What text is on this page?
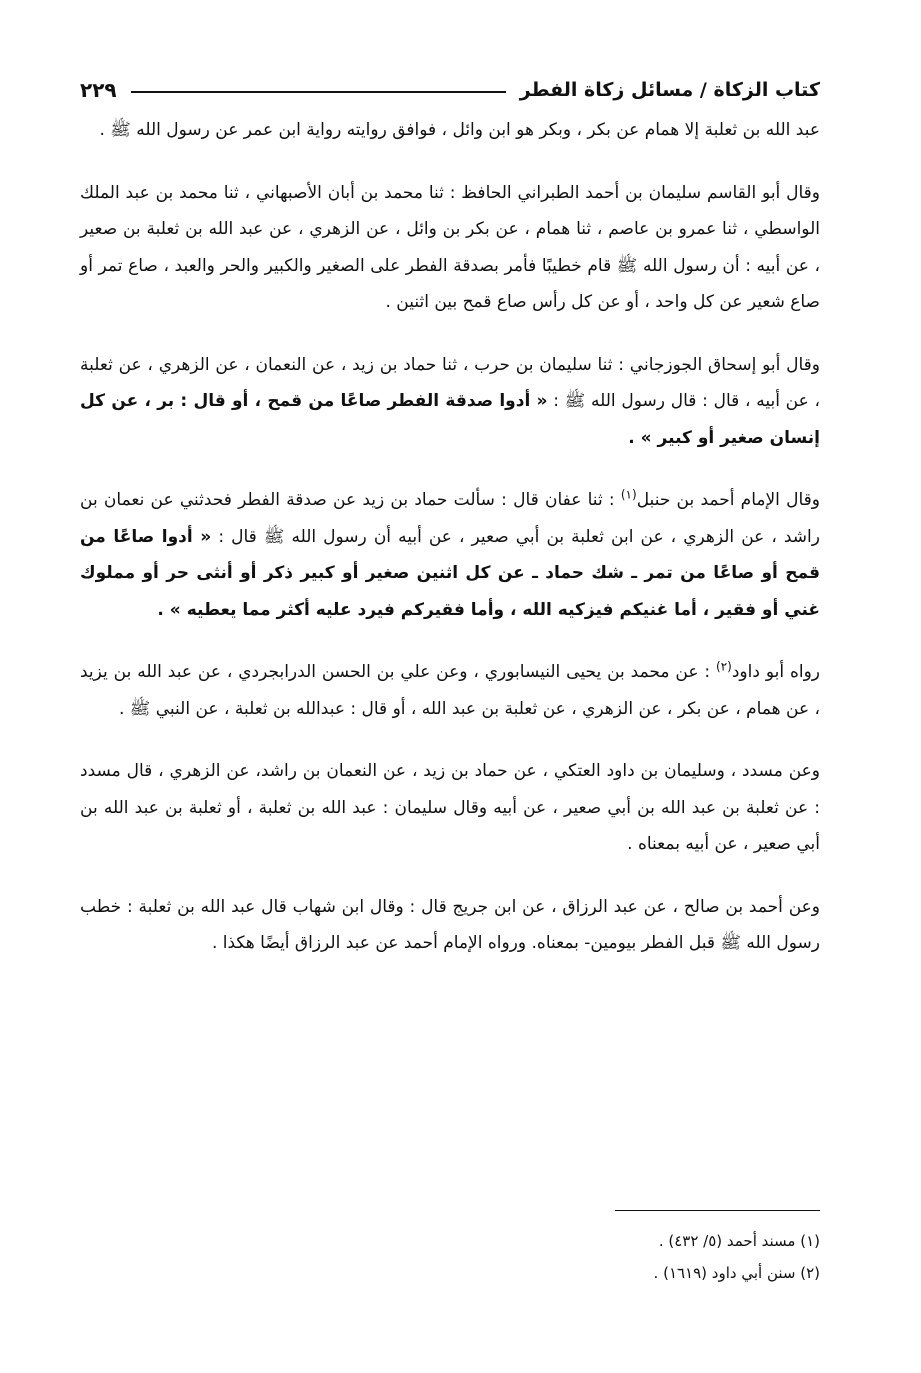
كتاب الزكاة / مسائل زكاة الفطر
٢٢٩

عبد الله بن ثعلبة إلا همام عن بكر ، وبكر هو ابن وائل ، فوافق روايته رواية ابن عمر عن رسول الله ﷺ .

وقال أبو القاسم سليمان بن أحمد الطبراني الحافظ : ثنا محمد بن أبان الأصبهاني ، ثنا محمد بن عبد الملك الواسطي ، ثنا عمرو بن عاصم ، ثنا همام ، عن بكر بن وائل ، عن الزهري ، عن عبد الله بن ثعلبة بن صعير ، عن أبيه : أن رسول الله ﷺ قام خطيبًا فأمر بصدقة الفطر على الصغير والكبير والحر والعبد ، صاع تمر أو صاع شعير عن كل واحد ، أو عن كل رأس صاع قمح بين اثنين .

وقال أبو إسحاق الجوزجاني : ثنا سليمان بن حرب ، ثنا حماد بن زيد ، عن النعمان ، عن الزهري ، عن ثعلبة ، عن أبيه ، قال : قال رسول الله ﷺ : « أدوا صدقة الفطر صاعًا من قمح ، أو قال : بر ، عن كل إنسان صغير أو كبير » .

وقال الإمام أحمد بن حنبل$^{(١)}$ : ثنا عفان قال : سألت حماد بن زيد عن صدقة الفطر فحدثني عن نعمان بن راشد ، عن الزهري ، عن ابن ثعلبة بن أبي صعير ، عن أبيه أن رسول الله ﷺ قال : « أدوا صاعًا من قمح أو صاعًا من تمر ـ شك حماد ـ عن كل اثنين صغير أو كبير ذكر أو أنثى حر أو مملوك غني أو فقير ، أما غنيكم فيزكيه الله ، وأما فقيركم فيرد عليه أكثر مما يعطيه » .

رواه أبو داود$^{(٢)}$ : عن محمد بن يحيى النيسابوري ، وعن علي بن الحسن الدرابجردي ، عن عبد الله بن يزيد ، عن همام ، عن بكر ، عن الزهري ، عن ثعلبة بن عبد الله ، أو قال : عبدالله بن ثعلبة ، عن النبي ﷺ .

وعن مسدد ، وسليمان بن داود العتكي ، عن حماد بن زيد ، عن النعمان بن راشد، عن الزهري ، قال مسدد : عن ثعلبة بن عبد الله بن أبي صعير ، عن أبيه وقال سليمان : عبد الله بن ثعلبة ، أو ثعلبة بن عبد الله بن أبي صعير ، عن أبيه بمعناه .

وعن أحمد بن صالح ، عن عبد الرزاق ، عن ابن جريج قال : وقال ابن شهاب قال عبد الله بن ثعلبة : خطب رسول الله ﷺ قبل الفطر بيومين- بمعناه. ورواه الإمام أحمد عن عبد الرزاق أيضًا هكذا .

(١) مسند أحمد (٥/ ٤٣٢) .
(٢) سنن أبي داود (١٦١٩) .
